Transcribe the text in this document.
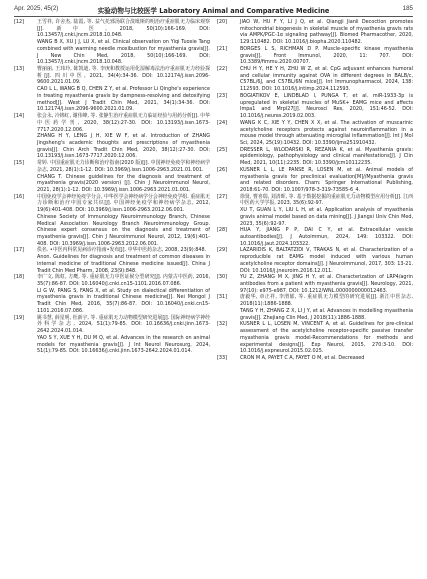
Apr. 2025, 45(2)	实验动物与比较医学 Laboratory Animal and Comparative Medicine	185
[12]	王雪祥, 许舍杰, 陆霞, 等. 益气托邪汤联合溴吡斯的明治疗重症肌无力临床观察[J]. 新中医, 2018, 50(10):166-169. DOI: 10.13457/j.cnki.jncm.2018.10.048.
WANG B X, XU J J, LU X, et al. Clinical observation on Yiqi Tuoxie Tang combined with warming needle moxibustion for myasthenia gravis[J]. J New Chin Med, 2018, 50(10):166-169. DOI: 10.13457/j.cnki.jncm.2018.10.048.
[13]	曹丽丽, 王玮玲, 陈凯迪, 等. 李庚和教授运用化湿解毒法治疗重症肌无力经验探析[J]. 四川中医, 2021, 34(4):34-36. DOI: 10.12174/j.issn.2096-9600.2021.01.09.
CAO L L, WANG B Q, CHEN Z Y, et al. Professor Li Qinghe's experience in treating myasthenia gravis by dampness-resolving and detoxifying method[J]. West J Tradit Chin Med, 2021, 34(1):34-36. DOI: 10.12174/j.issn.2096-9600.2021.01.09.
[14]	张会永, 冷锦红, 谢伟峰, 等. 张静生治疗重症肌无力临证经验与用药分析[J]. 中华中医药学刊, 2020, 38(12):27-30. DOI: 10.13193/j.issn.1673-7717.2020.12.006.
ZHANG H Y, LENG J H, XIE W F, et al. Introduction of ZHANG Jingsheng's academic thoughts and prescriptions of myasthenia gravis[J]. Chin Arch Tradit Chin Med, 2020, 38(12):27-30. DOI: 10.13193/j.issn.1673-7717.2020.12.006.
[15]	常婷. 中国重症肌无力诊断和治疗指南(2020 版)[J]. 中国神经免疫学和神经病学杂志, 2021, 28(1):1-12. DOI: 10.3969/j.issn.1006-2963.2021.01.001.
CHANG T. Chinese guidelines for the diagnosis and treatment of myasthenia gravis(2020 version) [J]. Chin J Neuroimmunol Neurol, 2021, 28(1):1-12. DOI: 10.3969/j.issn.1006-2963.2021.01.001.
[16]	中国免疫学会神经免疫学分会, 中华医学会神经病学分会神经免疫学组. 重症肌无力诊断和治疗中国专家共识[J]. 中国神经免疫学和神经病学杂志, 2012, 19(6):401-408. DOI: 10.3969/j.issn.1006-2963.2012.06.001.
Chinese Society of Immunology Neuroimmunology Branch, Chinese Medical Association Neurology Branch Neuroimmunology Group. Chinese expert consensus on the diagnosis and treatment of myasthenia gravis[J]. Chin J Neuroimmunol Neurol, 2012, 19(6):401-408. DOI: 10.3969/j.issn.1006-2963.2012.06.001.
[17]	佚名. •中医内科常见病诊疗指南•发布[J]. 中华中医药杂志, 2008, 23(9):848.
Anon. Guidelines for diagnosis and treatment of common diseases in internal medicine of traditional Chinese medicine issued[J]. China J Tradit Chin Med Pharm, 2008, 23(9):848.
[18]	李广文, 陈虹, 方鹰, 等. 重症肌无力中医证候分型研究[J]. 内蒙古中医药, 2016, 35(7):86-87. DOI: 10.16040/j.cnki.cn15-1101.2016.07.086.
LI G W, PANG S, FANG X, et al. Study on dialectical differentiation of myasthenia gravis in traditional Chinese medicine[J]. Nei Mongol J Tradit Chin Med, 2016, 35(7):86-87. DOI: 10.16040/j.cnki.cn15-1101.2016.07.086.
[19]	姚书慧, 薛星明, 杜新宇, 等. 重症肌无力动物模型研究进展[J]. 国际神经病学神经外科学杂志, 2024, 51(1):79-85. DOI: 10.16636/j.cnki.jinn.1673-2642.2024.01.014.
YAO S Y, XUE Y H, DU M Q, et al. Advances in the research on animal models for myasthenia gravis[J]. J Int Neurol Neurosurg, 2024, 51(1):79-85. DOI: 10.16636/j.cnki.jinn.1673-2642.2024.01.014.
[20]	JIAO W, HU F Y, LI J Q, et al. Qiangji Jianli Decoction promotes mitochondrial biogenesis in skeletal muscle of myasthenia gravis rats via AMPK/PGC-1α signaling pathway[J]. Biomed Pharmacother, 2020, 129:110482. DOI: 10.1016/j.biopha.2020.110482.
[21]	BORGES L S, RICHMAN D P. Muscle-specific kinase myasthenia gravis[J]. Front Immunol, 2020, 11: 707. DOI: 10.3389/fimmu.2020.00707.
[22]	CHU H Y, HE Y H, ZHU W Z, et al. CpG adjuvant enhances humoral and cellular immunity against OVA in different degrees in BALB/c, C57BL/6J, and C57BL/6N mice[J]. Int Immunopharmacol, 2024, 138: 112593. DOI: 10.1016/j.intimp.2024.112593.
[23]	BOGIATIKOV E, LINDBLAD I, PUNGA T, et al. miR-1933-3p is upregulated in skeletal muscles of MuSK+ EAMG mice and affects Impa1 and Mrpl27[J]. Neurosci Res, 2020, 151:46-52. DOI: 10.1016/j.neures.2019.02.003.
[24]	WANG K C, XIE Y Y, CHEN X X, et al. The activation of muscarinic acetylcholine receptors protects against neuroinflammation in a mouse model through attenuating microglial inflammation[J]. Int J Mol Sci, 2024, 25(19):10432. DOI: 10.3390/ijms251910432.
[25]	DRESSER L, WLODARSKI R, REZANIA K, et al. Myasthenia gravis: epidemiology, pathophysiology and clinical manifestations[J]. J Clin Med, 2021, 10(11):2235. DOI: 10.3390/jcm10112235.
[26]	KUSNER L L, LE PANSE R, LOSEN M, et al. Animal models of myasthenia gravis for preclinical evaluation[M]//Myasthenia gravis and related disorders. Cham: Springer International Publishing, 2018:61-70. DOI: 10.1007/978-3-319-73585-6_4.
[27]	徐贤, 曹喜瑞, 刘清晖, 等. 基于数据挖掘的重症肌无力动物模型应用分析[J]. 江西中医药大学学报, 2023, 35(6):92-97.
XU T, GUAN L Y, LIU L H, et al. Application analysis of myasthenia gravis animal model based on data mining[J]. J Jiangxi Univ Chin Med, 2023, 35(6):92-97.
[28]	HUA Y, JIANG P P, DAI C Y, et al. Extracellular vesicle autoantibodies[J]. J Autoimmun, 2024, 149: 103322. DOI: 10.1016/j.jaut.2024.103322.
[29]	LAZARIDIS K, BALTATZIDI V, TRAKAS N, et al. Characterization of a reproducible rat EAMG model induced with various human acetylcholine receptor domains[J]. J Neuroimmunol, 2017, 303: 13-21. DOI: 10.1016/j.jneuroim.2016.12.011.
[30]	YU Z, ZHANG M X, JING H Y, et al. Characterization of LRP4/agrin antibodies from a patient with myasthenia gravis[J]. Neurology, 2021, 97(10): e975-e987. DOI: 10.1212/WNL.0000000000012463.
[31]	唐毅华, 章正祥, 李渭郁, 等. 重症肌无力模型的研究进展[J]. 浙江中医杂志, 2018(11):1886-1888.
TANG Y H, ZHANG Z X, LI J Y, et al. Advances in modelling myasthenia gravis[J]. Zhejiang Clin Med, J 2018(11):1886-1888.
[32]	KUSNER L L, LOSEN M, VINCENT A, et al. Guidelines for pre-clinical assessment of the acetylcholine receptor-specific passive transfer myasthenia gravis model-Recommendations for methods and experimental designs[J]. Exp Neurol, 2015, 270:3-10. DOI: 10.1016/j.expneurol.2015.02.025.
[33]	CRON M A, PAYET C A, FAYET O M, et al. Decreased
